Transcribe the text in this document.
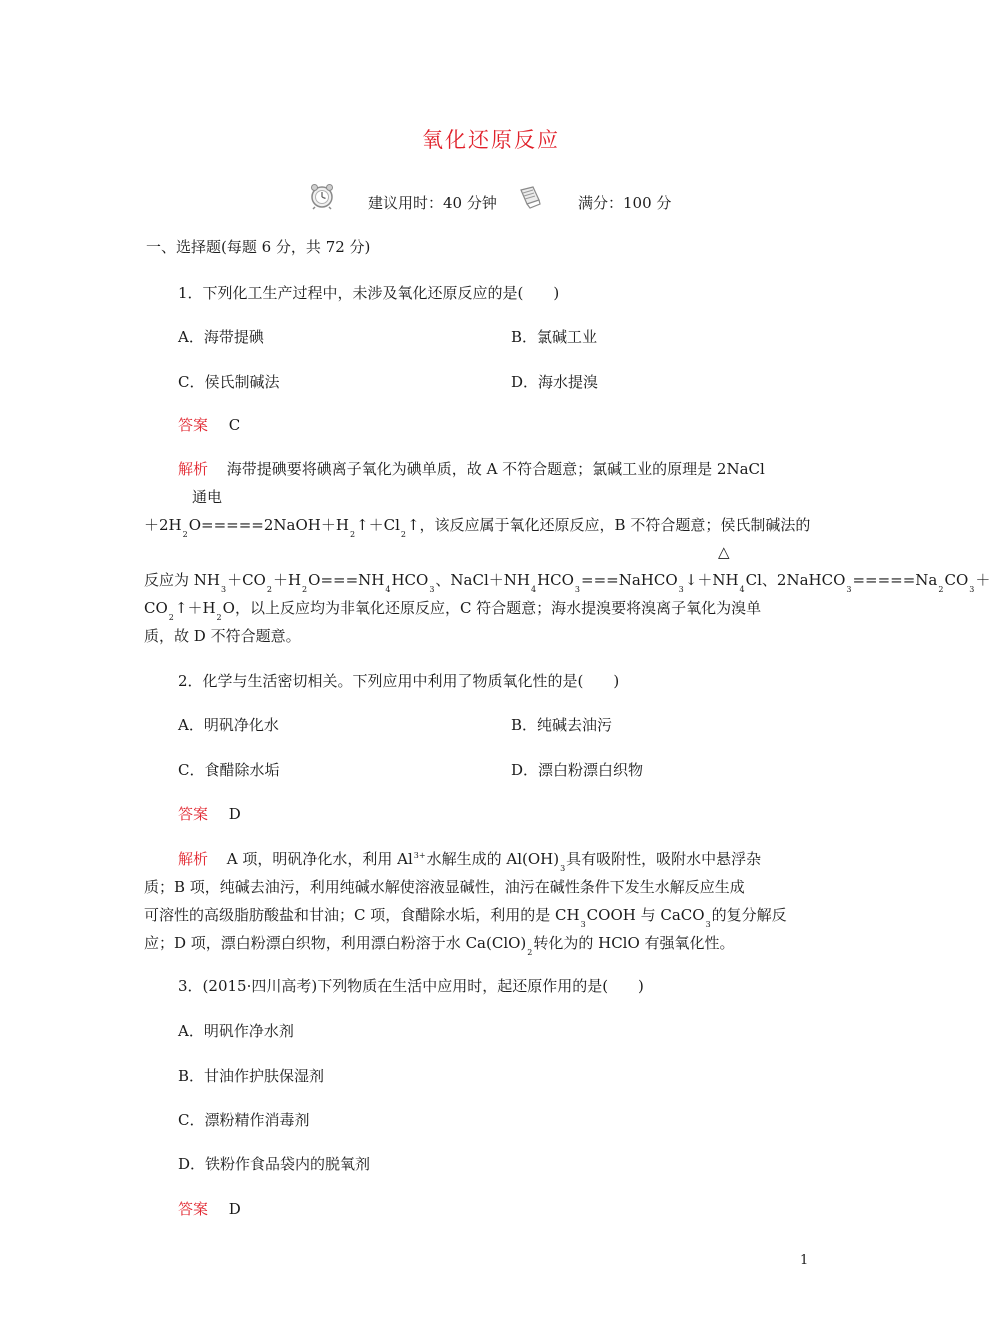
氧化还原反应
建议用时：40 分钟	满分：100 分
一、选择题(每题 6 分，共 72 分)
1．下列化工生产过程中，未涉及氧化还原反应的是(　　)
A．海带提碘	B．氯碱工业
C．侯氏制碱法	D．海水提溴
答案 C
解析 海带提碘要将碘离子氧化为碘单质，故 A 不符合题意；氯碱工业的原理是 2NaCl
通电
$+2H_2O=====2NaOH+H_2↑+Cl_2↑$，该反应属于氧化还原反应，B 不符合题意；侯氏制碱法的
△
反应为 $NH_3+CO_2+H_2O===NH_4HCO_3$、$NaCl+NH_4HCO_3===NaHCO_3↓+NH_4Cl$、$2NaHCO_3=====Na_2CO_3+$
$CO_2↑+H_2O$，以上反应均为非氧化还原反应，C 符合题意；海水提溴要将溴离子氧化为溴单
质，故 D 不符合题意。
2．化学与生活密切相关。下列应用中利用了物质氧化性的是(　　)
A．明矾净化水	B．纯碱去油污
C．食醋除水垢	D．漂白粉漂白织物
答案 D
解析 A 项，明矾净化水，利用 $Al^{3+}$水解生成的 $Al(OH)_3$具有吸附性，吸附水中悬浮杂
质；B 项，纯碱去油污，利用纯碱水解使溶液显碱性，油污在碱性条件下发生水解反应生成
可溶性的高级脂肪酸盐和甘油；C 项，食醋除水垢，利用的是 $CH_3COOH$ 与 CaCO$_3$的复分解反
应；D 项，漂白粉漂白织物，利用漂白粉溶于水 $Ca(ClO)_2$转化为的 HClO 有强氧化性。
3．(2015·四川高考)下列物质在生活中应用时，起还原作用的是(　　)
A．明矾作净水剂
B．甘油作护肤保湿剂
C．漂粉精作消毒剂
D．铁粉作食品袋内的脱氧剂
答案 D
1
